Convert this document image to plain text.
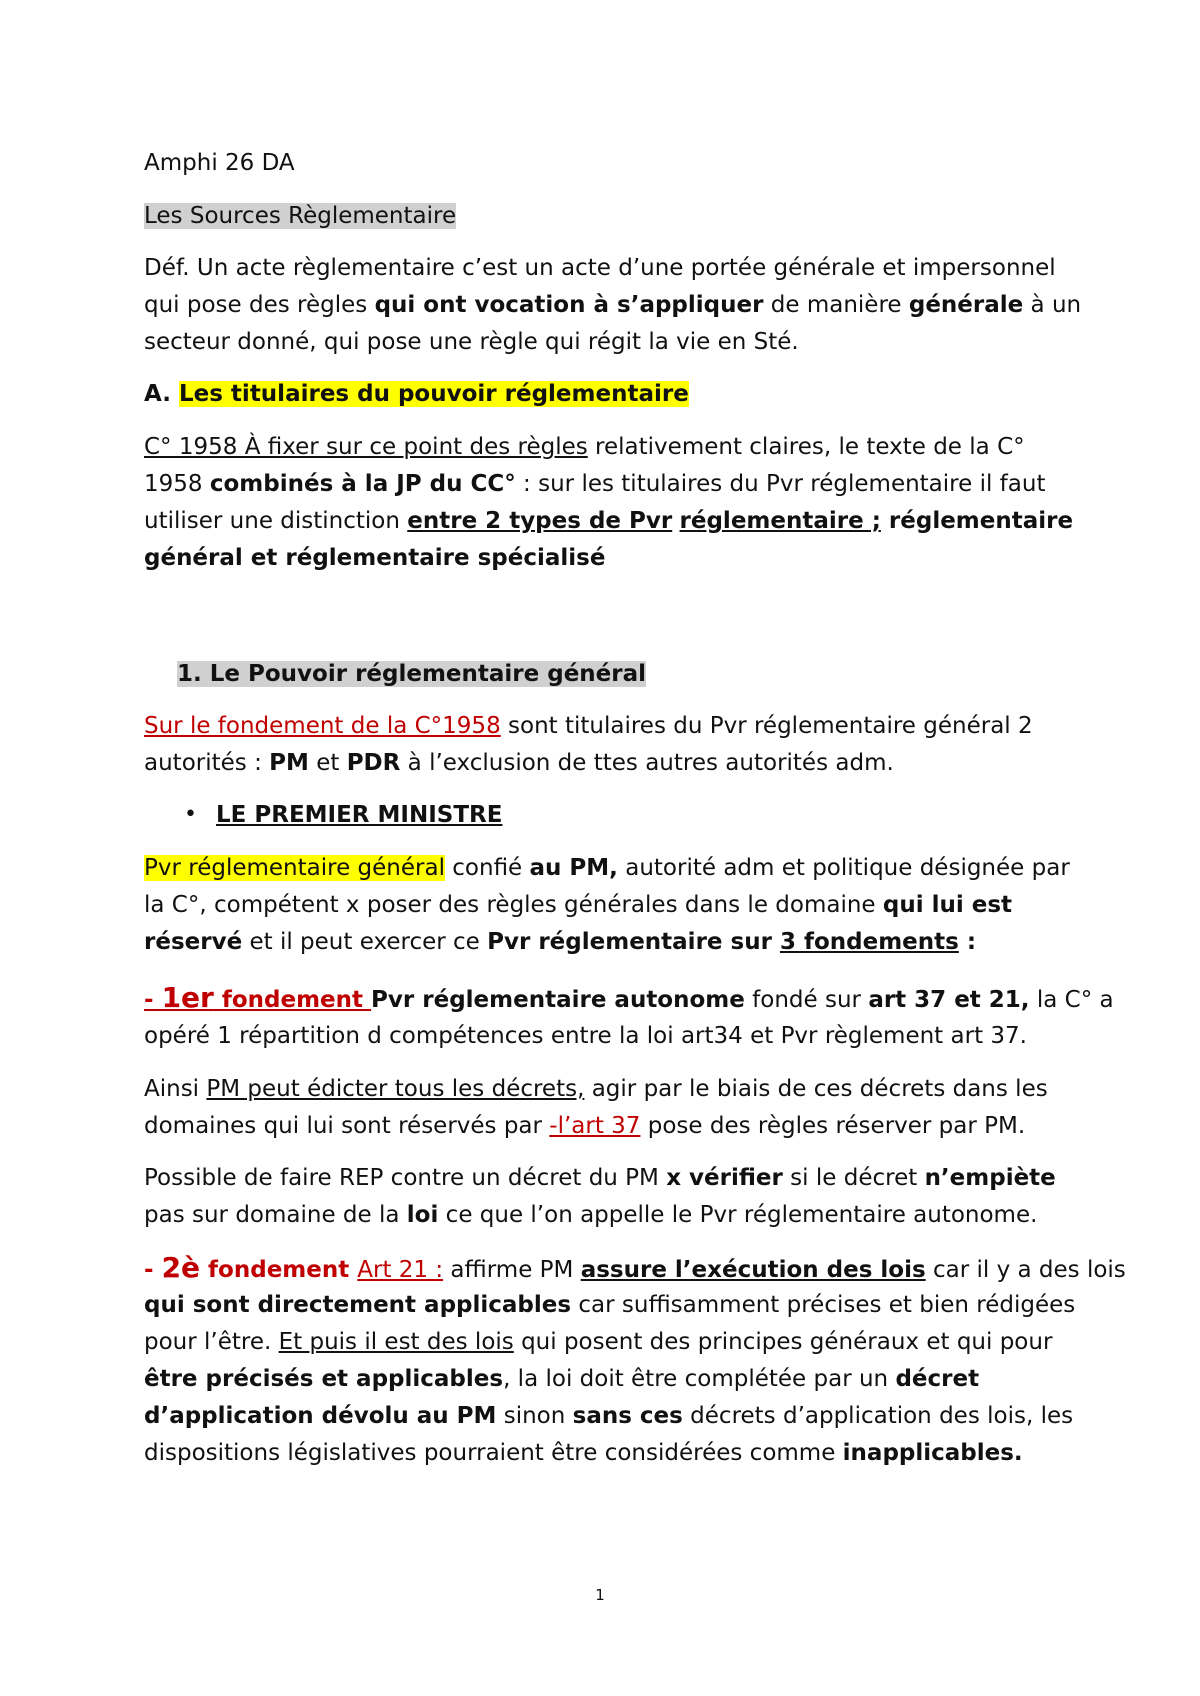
Amphi 26 DA
Les Sources Règlementaire
Déf. Un acte règlementaire c’est un acte d’une portée générale et impersonnel
qui pose des règles qui ont vocation à s’appliquer de manière générale à un
secteur donné, qui pose une règle qui régit la vie en Sté.
A. Les titulaires du pouvoir réglementaire
C° 1958 À fixer sur ce point des règles relativement claires, le texte de la C°
1958 combinés à la JP du CC° : sur les titulaires du Pvr réglementaire il faut
utiliser une distinction entre 2 types de Pvr réglementaire ; réglementaire
général et réglementaire spécialisé
1. Le Pouvoir réglementaire général
Sur le fondement de la C°1958 sont titulaires du Pvr réglementaire général 2
autorités : PM et PDR à l’exclusion de ttes autres autorités adm.
• LE PREMIER MINISTRE
Pvr réglementaire général confié au PM, autorité adm et politique désignée par
la C°, compétent x poser des règles générales dans le domaine qui lui est
réservé et il peut exercer ce Pvr réglementaire sur 3 fondements :
- 1er fondement Pvr réglementaire autonome fondé sur art 37 et 21, la C° a
opéré 1 répartition d compétences entre la loi art34 et Pvr règlement art 37.
Ainsi PM peut édicter tous les décrets, agir par le biais de ces décrets dans les
domaines qui lui sont réservés par -l’art 37 pose des règles réserver par PM.
Possible de faire REP contre un décret du PM x vérifier si le décret n’empiète
pas sur domaine de la loi ce que l’on appelle le Pvr réglementaire autonome.
- 2è fondement Art 21 : affirme PM assure l’exécution des lois car il y a des lois
qui sont directement applicables car suffisamment précises et bien rédigées
pour l’être. Et puis il est des lois qui posent des principes généraux et qui pour
être précisés et applicables, la loi doit être complétée par un décret
d’application dévolu au PM sinon sans ces décrets d’application des lois, les
dispositions législatives pourraient être considérées comme inapplicables.
1
